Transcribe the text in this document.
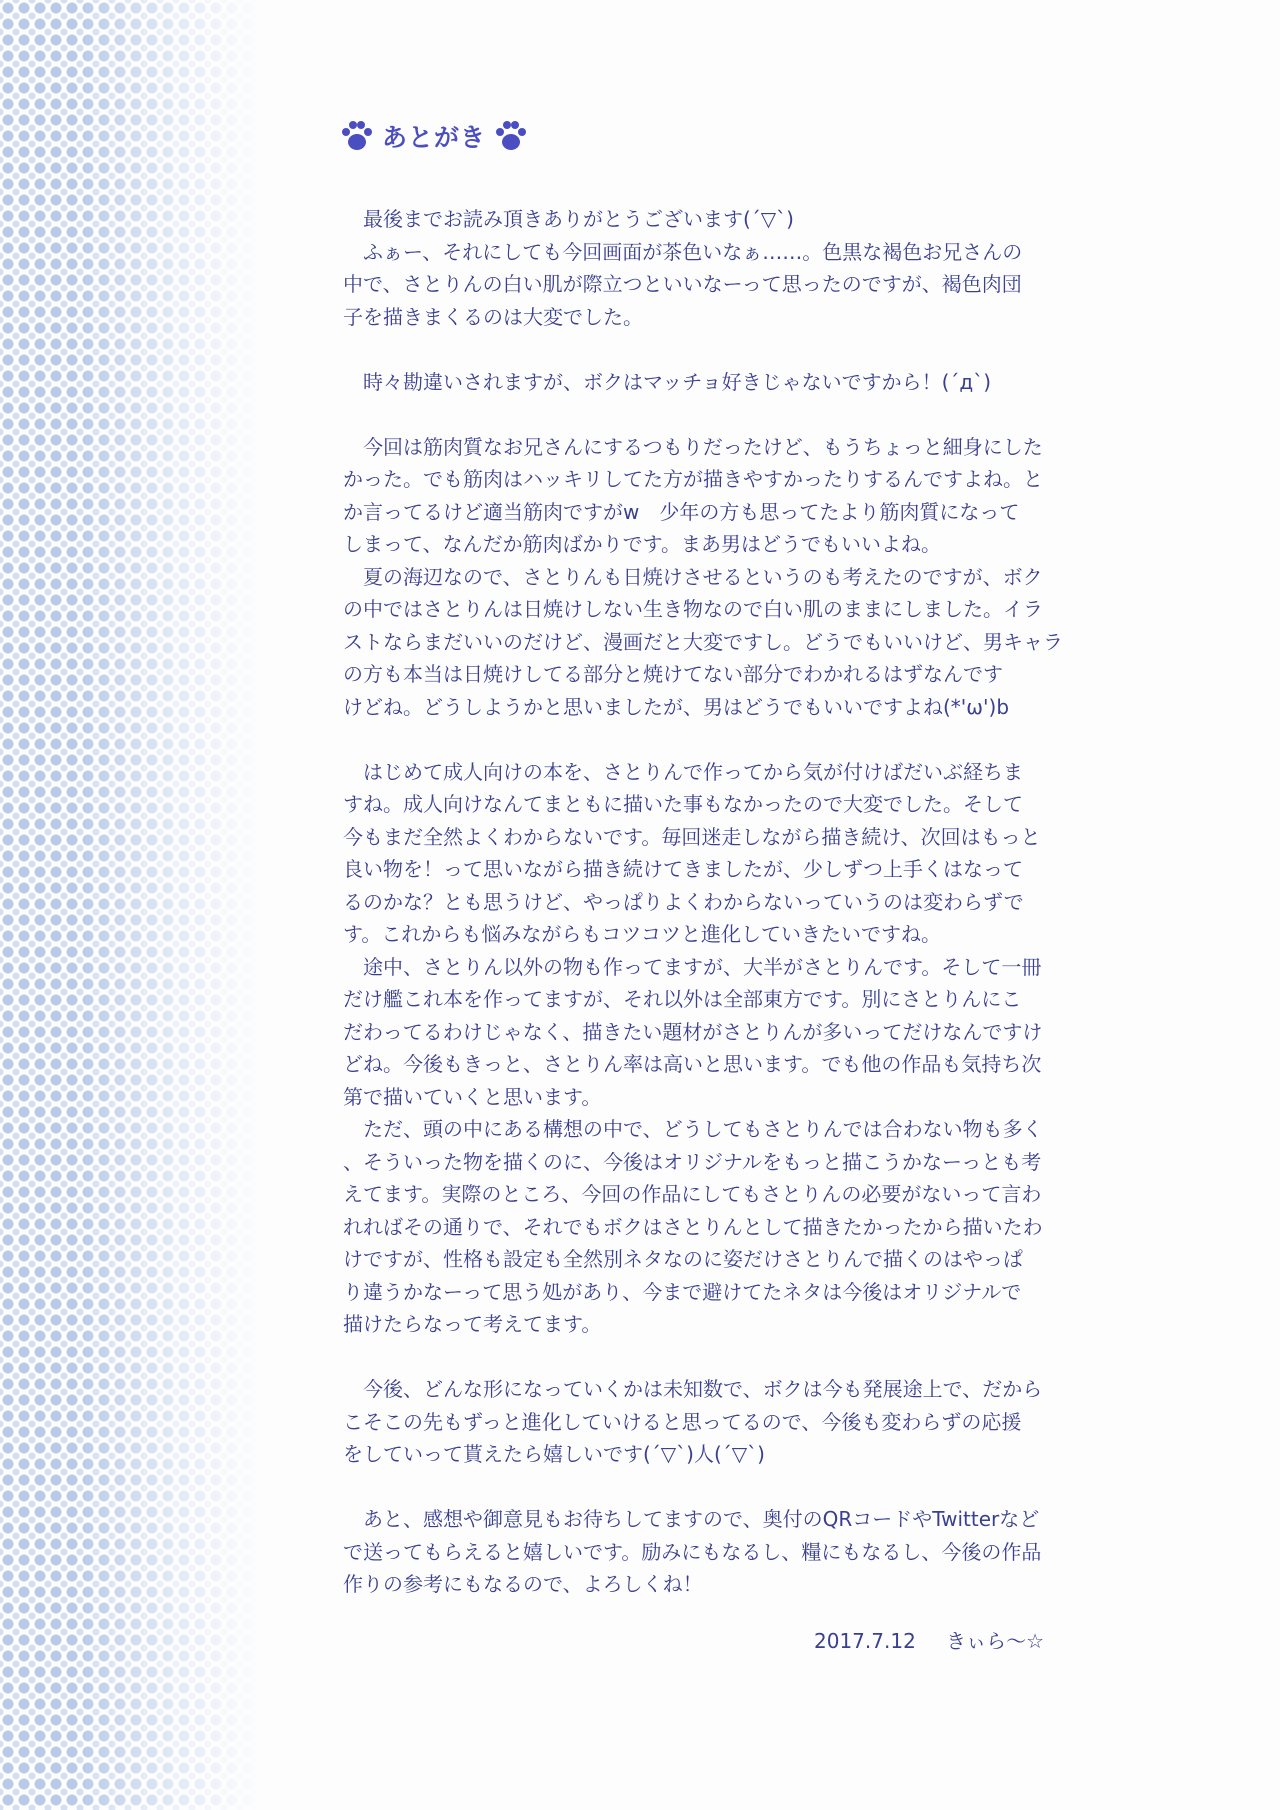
あとがき
　最後までお読み頂きありがとうございます(´▽`)
　ふぁー、それにしても今回画面が茶色いなぁ……。色黒な褐色お兄さんの
中で、さとりんの白い肌が際立つといいなーって思ったのですが、褐色肉団
子を描きまくるのは大変でした。
　時々勘違いされますが、ボクはマッチョ好きじゃないですから！(´д`)
　今回は筋肉質なお兄さんにするつもりだったけど、もうちょっと細身にした
かった。でも筋肉はハッキリしてた方が描きやすかったりするんですよね。と
か言ってるけど適当筋肉ですがw　少年の方も思ってたより筋肉質になって
しまって、なんだか筋肉ばかりです。まあ男はどうでもいいよね。
　夏の海辺なので、さとりんも日焼けさせるというのも考えたのですが、ボク
の中ではさとりんは日焼けしない生き物なので白い肌のままにしました。イラ
ストならまだいいのだけど、漫画だと大変ですし。どうでもいいけど、男キャラ
の方も本当は日焼けしてる部分と焼けてない部分でわかれるはずなんです
けどね。どうしようかと思いましたが、男はどうでもいいですよね(*'ω')b
　はじめて成人向けの本を、さとりんで作ってから気が付けばだいぶ経ちま
すね。成人向けなんてまともに描いた事もなかったので大変でした。そして
今もまだ全然よくわからないです。毎回迷走しながら描き続け、次回はもっと
良い物を！って思いながら描き続けてきましたが、少しずつ上手くはなって
るのかな？とも思うけど、やっぱりよくわからないっていうのは変わらずで
す。これからも悩みながらもコツコツと進化していきたいですね。
　途中、さとりん以外の物も作ってますが、大半がさとりんです。そして一冊
だけ艦これ本を作ってますが、それ以外は全部東方です。別にさとりんにこ
だわってるわけじゃなく、描きたい題材がさとりんが多いってだけなんですけ
どね。今後もきっと、さとりん率は高いと思います。でも他の作品も気持ち次
第で描いていくと思います。
　ただ、頭の中にある構想の中で、どうしてもさとりんでは合わない物も多く
、そういった物を描くのに、今後はオリジナルをもっと描こうかなーっとも考
えてます。実際のところ、今回の作品にしてもさとりんの必要がないって言わ
れればその通りで、それでもボクはさとりんとして描きたかったから描いたわ
けですが、性格も設定も全然別ネタなのに姿だけさとりんで描くのはやっぱ
り違うかなーって思う処があり、今まで避けてたネタは今後はオリジナルで
描けたらなって考えてます。
　今後、どんな形になっていくかは未知数で、ボクは今も発展途上で、だから
こそこの先もずっと進化していけると思ってるので、今後も変わらずの応援
をしていって貰えたら嬉しいです(´▽`)人(´▽`)
　あと、感想や御意見もお待ちしてますので、奥付のQRコードやTwitterなど
で送ってもらえると嬉しいです。励みにもなるし、糧にもなるし、今後の作品
作りの参考にもなるので、よろしくね！
2017.7.12 きぃら～☆
